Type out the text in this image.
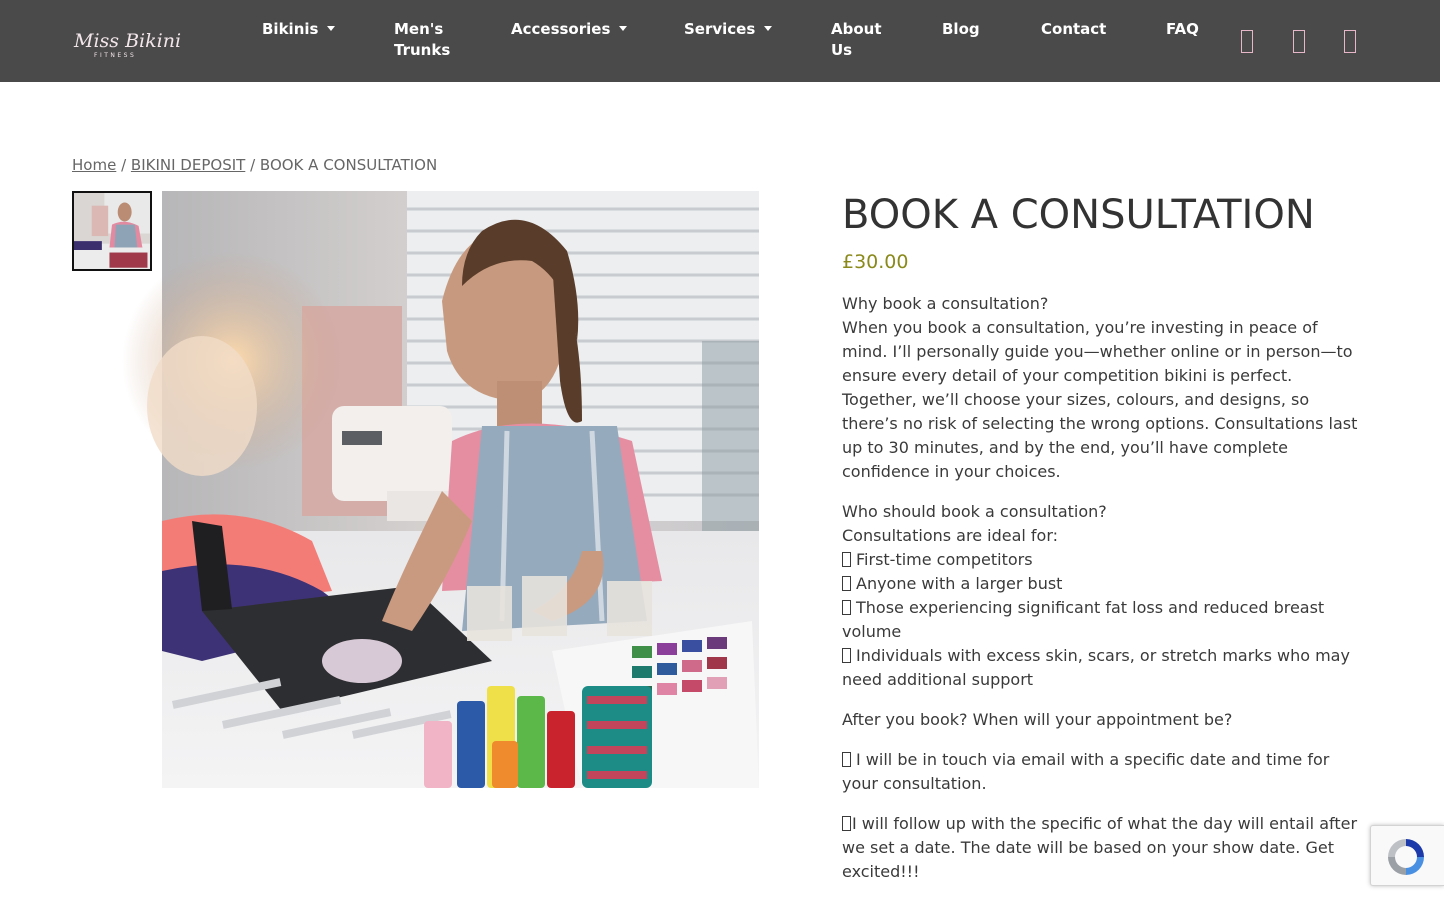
Miss Bikini
FITNESS
Bikinis	Men's
Trunks
Accessories	Services	About
Us
Blog	Contact	FAQ
Home / BIKINI DEPOSIT / BOOK A CONSULTATION
BOOK A CONSULTATION
£30.00

Why book a consultation?
When you book a consultation, you’re investing in peace of mind. I’ll personally guide you—whether online or in person—to ensure every detail of your competition bikini is perfect. Together, we’ll choose your sizes, colours, and designs, so there’s no risk of selecting the wrong options. Consultations last up to 30 minutes, and by the end, you’ll have complete confidence in your choices.

Who should book a consultation?
Consultations are ideal for:
First-time competitors
Anyone with a larger bust
Those experiencing significant fat loss and reduced breast volume
Individuals with excess skin, scars, or stretch marks who may need additional support

After you book? When will your appointment be?

I will be in touch via email with a specific date and time for your consultation.

I will follow up with the specific of what the day will entail after we set a date. The date will be based on your show date. Get excited!!!
